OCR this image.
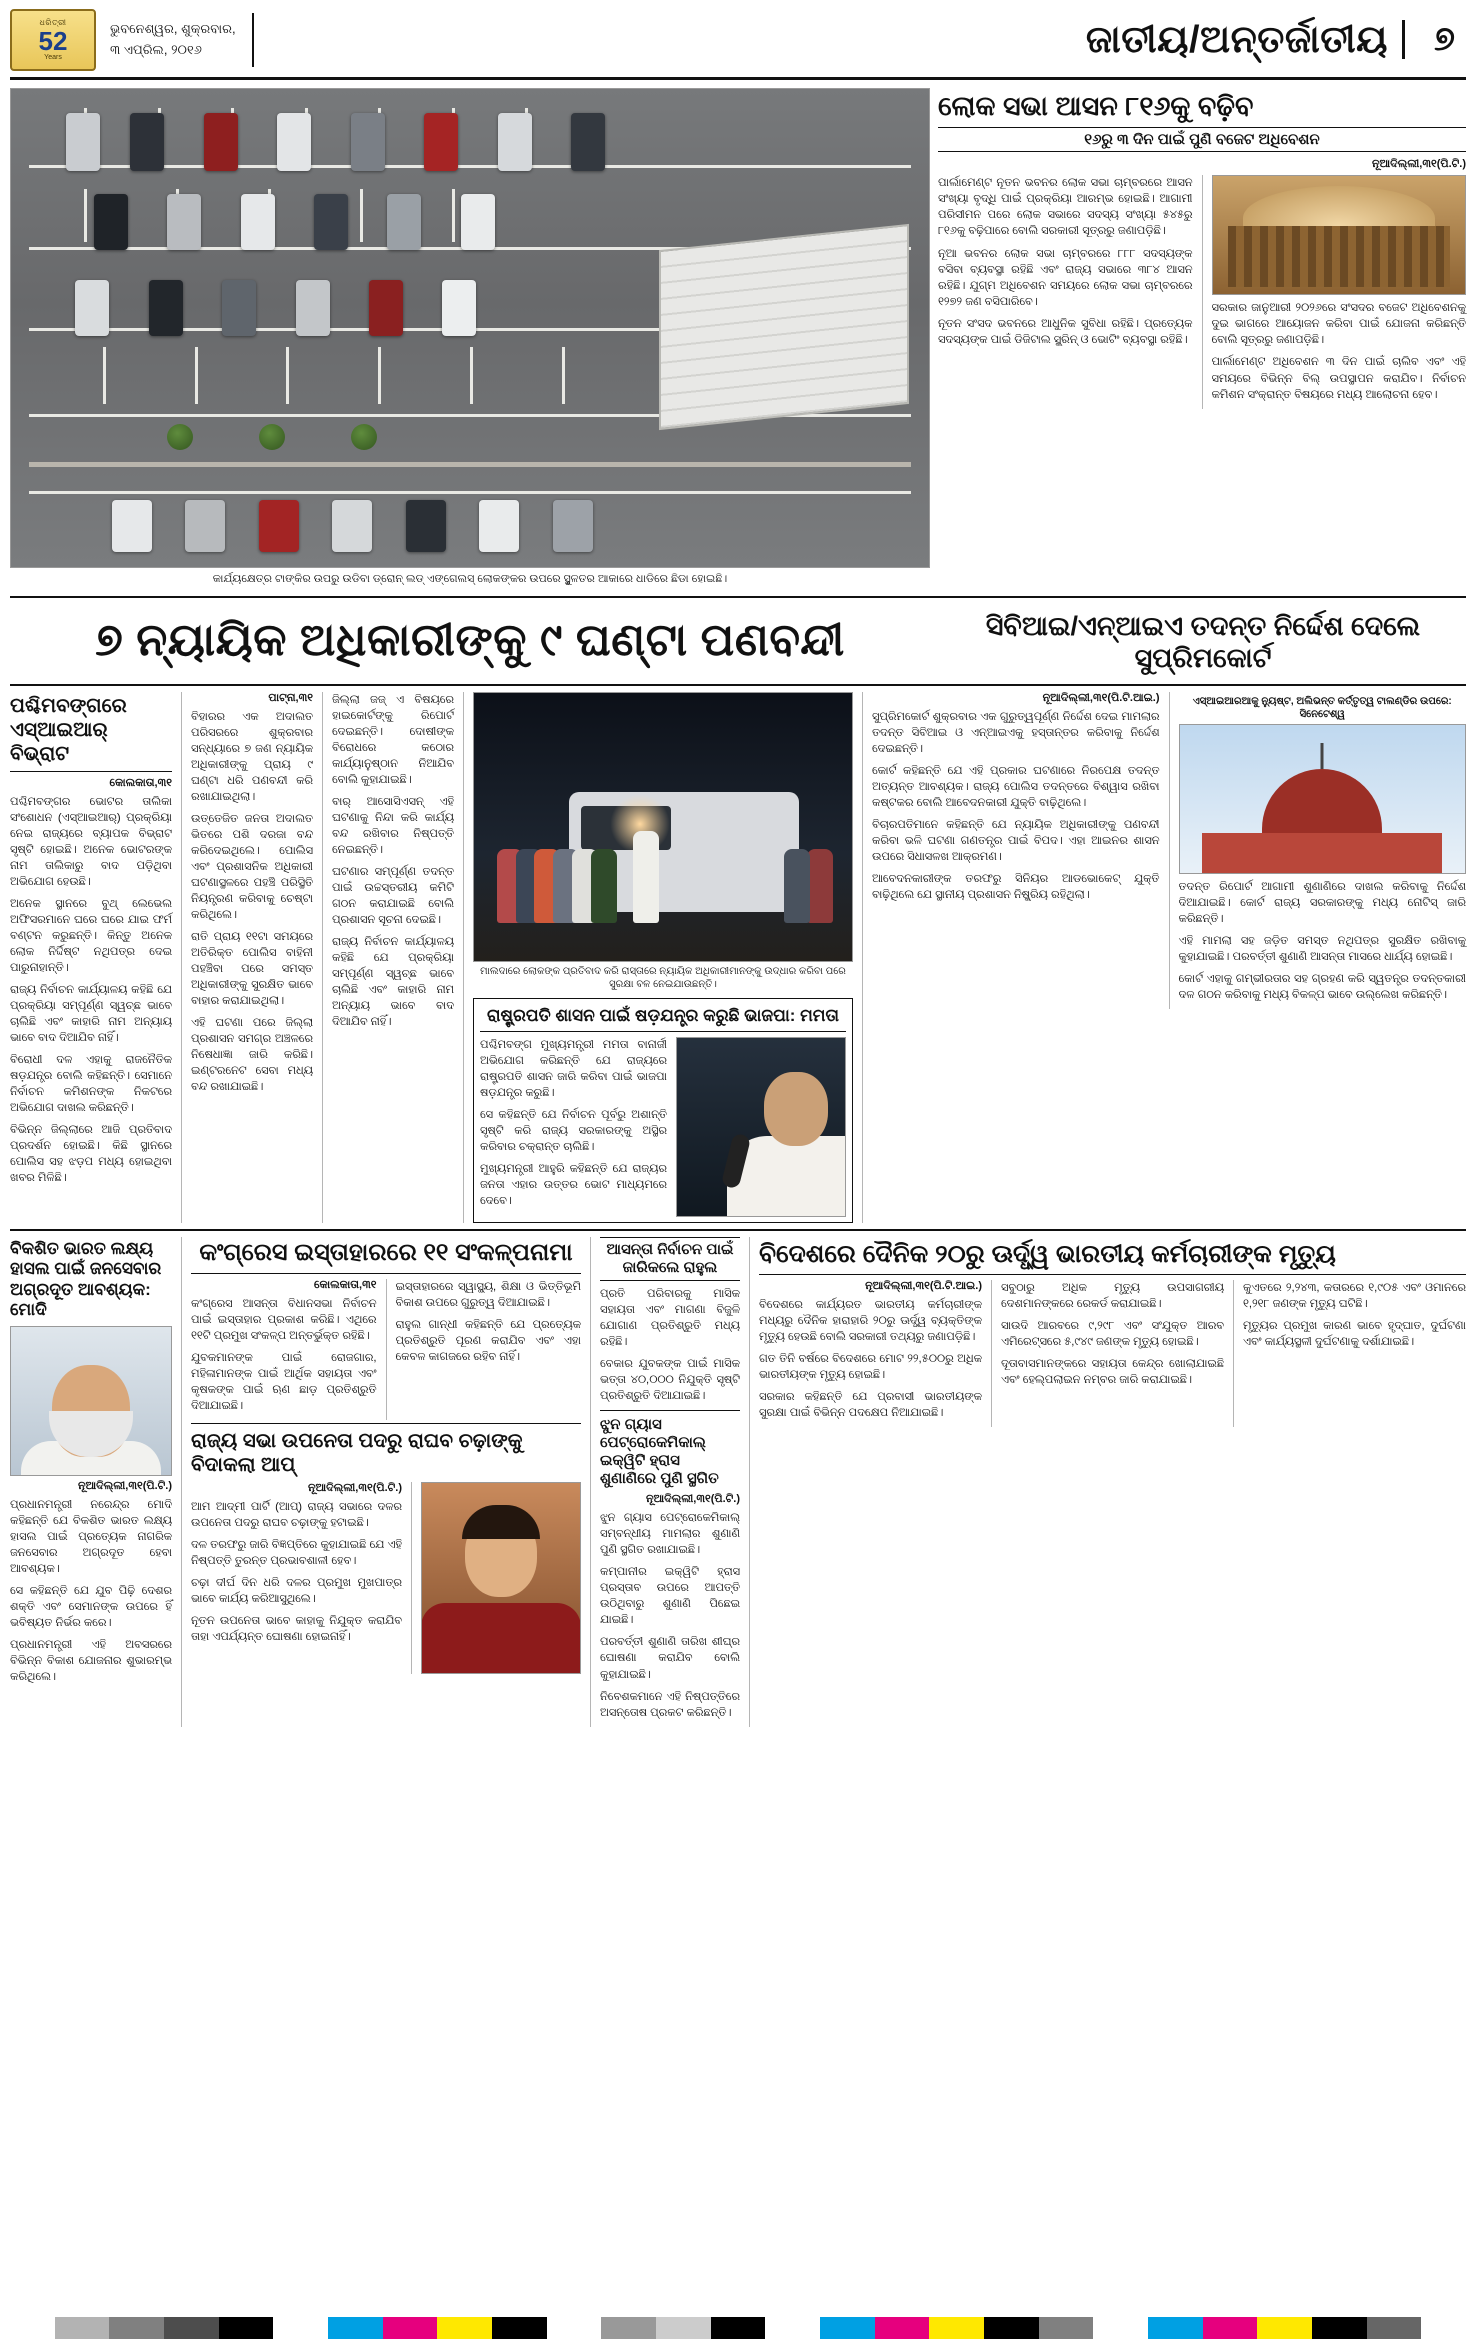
ଧରିତ୍ରୀ
52
Years
ଭୁବନେଶ୍ୱର, ଶୁକ୍ରବାର,
୩ ଏପ୍ରିଲ, ୨୦୧୬	ଜାତୀୟ/ଅନ୍ତର୍ଜାତୀୟ	୭
କାର୍ଯ୍ୟକ୍ଷେତ୍ର ଟାଙ୍କିର ଉପରୁ ଉଡିବା ଡ୍ରୋନ୍‌ ଲଡ୍‌ ଏଙ୍ଗେଲସ୍‌ ଲୋକଙ୍କର ଉପରେ ସ୍ଥୁଳତର ଆକାରେ ଧାଡିରେ ଛିଡା ହୋଇଛି।
ଲୋକ ସଭା ଆସନ ୮୧୬କୁ ବଢ଼ିବ
୧୬ରୁ ୩ ଦିନ ପାଇଁ ପୁଣି ବଜେଟ ଅଧିବେଶନ
ନୂଆଦିଲ୍ଲୀ,୩୧(ପି.ଟି.)

ପାର୍ଲାମେଣ୍ଟ ନୂତନ ଭବନର ଲୋକ ସଭା ଚାମ୍ବରରେ ଆସନ ସଂଖ୍ୟା ବୃଦ୍ଧି ପାଇଁ ପ୍ରକ୍ରିୟା ଆରମ୍ଭ ହୋଇଛି। ଆଗାମୀ ପରିସୀମନ ପରେ ଲୋକ ସଭାରେ ସଦସ୍ୟ ସଂଖ୍ୟା ୫୪୫ରୁ ୮୧୬କୁ ବଢ଼ିପାରେ ବୋଲି ସରକାରୀ ସୂତ୍ରରୁ ଜଣାପଡ଼ିଛି।

ନୂଆ ଭବନର ଲୋକ ସଭା ଚାମ୍ବରରେ ୮୮୮ ସଦସ୍ୟଙ୍କ ବସିବା ବ୍ୟବସ୍ଥା ରହିଛି ଏବଂ ରାଜ୍ୟ ସଭାରେ ୩୮୪ ଆସନ ରହିଛି। ଯୁଗ୍ମ ଅଧିବେଶନ ସମୟରେ ଲୋକ ସଭା ଚାମ୍ବରରେ ୧୨୭୨ ଜଣ ବସିପାରିବେ।

ନୂତନ ସଂସଦ ଭବନରେ ଆଧୁନିକ ସୁବିଧା ରହିଛି। ପ୍ରତ୍ୟେକ ସଦସ୍ୟଙ୍କ ପାଇଁ ଡିଜିଟାଲ ସ୍କ୍ରିନ୍‌ ଓ ଭୋଟିଂ ବ୍ୟବସ୍ଥା ରହିଛି।

ସରକାର ଜାନୁଆରୀ ୨୦୨୬ରେ ସଂସଦର ବଜେଟ ଅଧିବେଶନକୁ ଦୁଇ ଭାଗରେ ଆୟୋଜନ କରିବା ପାଇଁ ଯୋଜନା କରିଛନ୍ତି ବୋଲି ସୂତ୍ରରୁ ଜଣାପଡ଼ିଛି।

ପାର୍ଲାମେଣ୍ଟ ଅଧିବେଶନ ୩ ଦିନ ପାଇଁ ଚାଲିବ ଏବଂ ଏହି ସମୟରେ ବିଭିନ୍ନ ବିଲ୍‌ ଉପସ୍ଥାପନ କରାଯିବ। ନିର୍ବାଚନ କମିଶନ ସଂକ୍ରାନ୍ତ ବିଷୟରେ ମଧ୍ୟ ଆଲୋଚନା ହେବ।

୭ ନ୍ୟାୟିକ ଅଧିକାରୀଙ୍କୁ ୯ ଘଣ୍ଟା ପଣବନ୍ଦୀ	ସିବିଆଇ/ଏନ୍‌ଆଇଏ ତଦନ୍ତ ନିର୍ଦ୍ଦେଶ ଦେଲେ ସୁପ୍ରିମକୋର୍ଟ
ପଶ୍ଚିମବଙ୍ଗରେ ଏସ୍‌ଆଇଆର୍‌ ବିଭ୍ରାଟ
କୋଲକାତା,୩୧

ପଶ୍ଚିମବଙ୍ଗର ଭୋଟର ତାଲିକା ସଂଶୋଧନ (ଏସ୍‌ଆଇଆର୍‌) ପ୍ରକ୍ରିୟା ନେଇ ରାଜ୍ୟରେ ବ୍ୟାପକ ବିଭ୍ରାଟ ସୃଷ୍ଟି ହୋଇଛି। ଅନେକ ଭୋଟରଙ୍କ ନାମ ତାଲିକାରୁ ବାଦ ପଡ଼ିଥିବା ଅଭିଯୋଗ ହେଉଛି।

ଅନେକ ସ୍ଥାନରେ ବୁଥ୍‌ ଲେଭେଲ ଅଫିସରମାନେ ଘରେ ଘରେ ଯାଇ ଫର୍ମ ବଣ୍ଟନ କରୁଛନ୍ତି। କିନ୍ତୁ ଅନେକ ଲୋକ ନିର୍ଦ୍ଦିଷ୍ଟ ନଥିପତ୍ର ଦେଇ ପାରୁନାହାନ୍ତି।

ରାଜ୍ୟ ନିର୍ବାଚନ କାର୍ଯ୍ୟାଳୟ କହିଛି ଯେ ପ୍ରକ୍ରିୟା ସମ୍ପୂର୍ଣ୍ଣ ସ୍ୱଚ୍ଛ ଭାବେ ଚାଲିଛି ଏବଂ କାହାରି ନାମ ଅନ୍ୟାୟ ଭାବେ ବାଦ ଦିଆଯିବ ନାହିଁ।

ବିରୋଧୀ ଦଳ ଏହାକୁ ରାଜନୈତିକ ଷଡ଼ଯନ୍ତ୍ର ବୋଲି କହିଛନ୍ତି। ସେମାନେ ନିର୍ବାଚନ କମିଶନଙ୍କ ନିକଟରେ ଅଭିଯୋଗ ଦାଖଲ କରିଛନ୍ତି।

ବିଭିନ୍ନ ଜିଲ୍ଲାରେ ଆଜି ପ୍ରତିବାଦ ପ୍ରଦର୍ଶନ ହୋଇଛି। କିଛି ସ୍ଥାନରେ ପୋଲିସ ସହ ଝଡ଼ପ ମଧ୍ୟ ହୋଇଥିବା ଖବର ମିଳିଛି।

ପାଟ୍‌ନା,୩୧

ବିହାରର ଏକ ଅଦାଲତ ପରିସରରେ ଶୁକ୍ରବାର ସନ୍ଧ୍ୟାରେ ୭ ଜଣ ନ୍ୟାୟିକ ଅଧିକାରୀଙ୍କୁ ପ୍ରାୟ ୯ ଘଣ୍ଟା ଧରି ପଣବନ୍ଦୀ କରି ରଖାଯାଇଥିଲା।

ଉତ୍ତେଜିତ ଜନତା ଅଦାଲତ ଭିତରେ ପଶି ଦରଜା ବନ୍ଦ କରିଦେଇଥିଲେ। ପୋଲିସ ଏବଂ ପ୍ରଶାସନିକ ଅଧିକାରୀ ଘଟଣାସ୍ଥଳରେ ପହଞ୍ଚି ପରିସ୍ଥିତି ନିୟନ୍ତ୍ରଣ କରିବାକୁ ଚେଷ୍ଟା କରିଥିଲେ।

ରାତି ପ୍ରାୟ ୧୧ଟା ସମୟରେ ଅତିରିକ୍ତ ପୋଲିସ ବାହିନୀ ପହଞ୍ଚିବା ପରେ ସମସ୍ତ ଅଧିକାରୀଙ୍କୁ ସୁରକ୍ଷିତ ଭାବେ ବାହାର କରାଯାଇଥିଲା।

ଏହି ଘଟଣା ପରେ ଜିଲ୍ଲା ପ୍ରଶାସନ ସମଗ୍ର ଅଞ୍ଚଳରେ ନିଷେଧାଜ୍ଞା ଜାରି କରିଛି। ଇଣ୍ଟରନେଟ ସେବା ମଧ୍ୟ ବନ୍ଦ ରଖାଯାଇଛି।

ଜିଲ୍ଲା ଜଜ୍‌ ଏ ବିଷୟରେ ହାଇକୋର୍ଟଙ୍କୁ ରିପୋର୍ଟ ଦେଇଛନ୍ତି। ଦୋଷୀଙ୍କ ବିରୋଧରେ କଠୋର କାର୍ଯ୍ୟାନୁଷ୍ଠାନ ନିଆଯିବ ବୋଲି କୁହାଯାଇଛି।

ବାର୍‌ ଆସୋସିଏସନ୍‌ ଏହି ଘଟଣାକୁ ନିନ୍ଦା କରି କାର୍ଯ୍ୟ ବନ୍ଦ ରଖିବାର ନିଷ୍ପତ୍ତି ନେଇଛନ୍ତି।

ଘଟଣାର ସମ୍ପୂର୍ଣ୍ଣ ତଦନ୍ତ ପାଇଁ ଉଚ୍ଚସ୍ତରୀୟ କମିଟି ଗଠନ କରାଯାଇଛି ବୋଲି ପ୍ରଶାସନ ସୂଚନା ଦେଇଛି।

ରାଜ୍ୟ ନିର୍ବାଚନ କାର୍ଯ୍ୟାଳୟ କହିଛି ଯେ ପ୍ରକ୍ରିୟା ସମ୍ପୂର୍ଣ୍ଣ ସ୍ୱଚ୍ଛ ଭାବେ ଚାଲିଛି ଏବଂ କାହାରି ନାମ ଅନ୍ୟାୟ ଭାବେ ବାଦ ଦିଆଯିବ ନାହିଁ।

ମାଲଦାରେ ଲୋକଙ୍କ ପ୍ରତିବାଦ କରି ରାସ୍ତାରେ ନ୍ୟାୟିକ ଅଧିକାରୀମାନଙ୍କୁ ଉଦ୍ଧାର କରିବା ପରେ ସୁରକ୍ଷା ବଳ ନେଇଯାଉଛନ୍ତି।
ରାଷ୍ଟ୍ରପତି ଶାସନ ପାଇଁ ଷଡ଼ଯନ୍ତ୍ର କରୁଛି ଭାଜପା: ମମତା

ପଶ୍ଚିମବଙ୍ଗ ମୁଖ୍ୟମନ୍ତ୍ରୀ ମମତା ବାନାର୍ଜୀ ଅଭିଯୋଗ କରିଛନ୍ତି ଯେ ରାଜ୍ୟରେ ରାଷ୍ଟ୍ରପତି ଶାସନ ଜାରି କରିବା ପାଇଁ ଭାଜପା ଷଡ଼ଯନ୍ତ୍ର କରୁଛି।

ସେ କହିଛନ୍ତି ଯେ ନିର୍ବାଚନ ପୂର୍ବରୁ ଅଶାନ୍ତି ସୃଷ୍ଟି କରି ରାଜ୍ୟ ସରକାରଙ୍କୁ ଅସ୍ଥିର କରିବାର ଚକ୍ରାନ୍ତ ଚାଲିଛି।

ମୁଖ୍ୟମନ୍ତ୍ରୀ ଆହୁରି କହିଛନ୍ତି ଯେ ରାଜ୍ୟର ଜନତା ଏହାର ଉତ୍ତର ଭୋଟ ମାଧ୍ୟମରେ ଦେବେ।

ନୂଆଦିଲ୍ଲୀ,୩୧(ପି.ଟି.ଆଇ.)

ସୁପ୍ରିମକୋର୍ଟ ଶୁକ୍ରବାର ଏକ ଗୁରୁତ୍ୱପୂର୍ଣ୍ଣ ନିର୍ଦ୍ଦେଶ ଦେଇ ମାମଲାର ତଦନ୍ତ ସିବିଆଇ ଓ ଏନ୍‌ଆଇଏକୁ ହସ୍ତାନ୍ତର କରିବାକୁ ନିର୍ଦ୍ଦେଶ ଦେଇଛନ୍ତି।

କୋର୍ଟ କହିଛନ୍ତି ଯେ ଏହି ପ୍ରକାର ଘଟଣାରେ ନିରପେକ୍ଷ ତଦନ୍ତ ଅତ୍ୟନ୍ତ ଆବଶ୍ୟକ। ରାଜ୍ୟ ପୋଲିସ ତଦନ୍ତରେ ବିଶ୍ୱାସ ରଖିବା କଷ୍ଟକର ବୋଲି ଆବେଦନକାରୀ ଯୁକ୍ତି ବାଢ଼ିଥିଲେ।

ବିଚାରପତିମାନେ କହିଛନ୍ତି ଯେ ନ୍ୟାୟିକ ଅଧିକାରୀଙ୍କୁ ପଣବନ୍ଦୀ କରିବା ଭଳି ଘଟଣା ଗଣତନ୍ତ୍ର ପାଇଁ ବିପଦ। ଏହା ଆଇନର ଶାସନ ଉପରେ ସିଧାସଳଖ ଆକ୍ରମଣ।

ଆବେଦନକାରୀଙ୍କ ତରଫରୁ ସିନିୟର ଆଡଭୋକେଟ୍‌ ଯୁକ୍ତି ବାଢ଼ିଥିଲେ ଯେ ସ୍ଥାନୀୟ ପ୍ରଶାସନ ନିଷ୍କ୍ରିୟ ରହିଥିଲା।

ଏସ୍‌ଆଇଆରଆକୁ ନ୍ୟୁଷ୍ଟ, ଅଲିଭନ୍ତ କର୍ତ୍ତୃତ୍ୱ ଟାଲଣ୍ଡିର ଉପରେ: ସିନେଟେଶ୍ୱ

ତଦନ୍ତ ରିପୋର୍ଟ ଆଗାମୀ ଶୁଣାଣିରେ ଦାଖଲ କରିବାକୁ ନିର୍ଦ୍ଦେଶ ଦିଆଯାଇଛି। କୋର୍ଟ ରାଜ୍ୟ ସରକାରଙ୍କୁ ମଧ୍ୟ ନୋଟିସ୍‌ ଜାରି କରିଛନ୍ତି।

ଏହି ମାମଲା ସହ ଜଡ଼ିତ ସମସ୍ତ ନଥିପତ୍ର ସୁରକ୍ଷିତ ରଖିବାକୁ କୁହାଯାଇଛି। ପରବର୍ତ୍ତୀ ଶୁଣାଣି ଆସନ୍ତା ମାସରେ ଧାର୍ଯ୍ୟ ହୋଇଛି।

କୋର୍ଟ ଏହାକୁ ଗମ୍ଭୀରତାର ସହ ଗ୍ରହଣ କରି ସ୍ୱତନ୍ତ୍ର ତଦନ୍ତକାରୀ ଦଳ ଗଠନ କରିବାକୁ ମଧ୍ୟ ବିକଳ୍ପ ଭାବେ ଉଲ୍ଲେଖ କରିଛନ୍ତି।

ବିକଶିତ ଭାରତ ଲକ୍ଷ୍ୟ ହାସଲ ପାଇଁ ଜନସେବାର ଅଗ୍ରଦୂତ ଆବଶ୍ୟକ: ମୋଦି
ନୂଆଦିଲ୍ଲୀ,୩୧(ପି.ଟି.)

ପ୍ରଧାନମନ୍ତ୍ରୀ ନରେନ୍ଦ୍ର ମୋଦି କହିଛନ୍ତି ଯେ ବିକଶିତ ଭାରତ ଲକ୍ଷ୍ୟ ହାସଲ ପାଇଁ ପ୍ରତ୍ୟେକ ନାଗରିକ ଜନସେବାର ଅଗ୍ରଦୂତ ହେବା ଆବଶ୍ୟକ।

ସେ କହିଛନ୍ତି ଯେ ଯୁବ ପିଢ଼ି ଦେଶର ଶକ୍ତି ଏବଂ ସେମାନଙ୍କ ଉପରେ ହିଁ ଭବିଷ୍ୟତ ନିର୍ଭର କରେ।

ପ୍ରଧାନମନ୍ତ୍ରୀ ଏହି ଅବସରରେ ବିଭିନ୍ନ ବିକାଶ ଯୋଜନାର ଶୁଭାରମ୍ଭ କରିଥିଲେ।

କଂଗ୍ରେସ ଇସ୍ତାହାରରେ ୧୧ ସଂକଳ୍ପନାମା
କୋଲକାତା,୩୧

କଂଗ୍ରେସ ଆସନ୍ତା ବିଧାନସଭା ନିର୍ବାଚନ ପାଇଁ ଇସ୍ତାହାର ପ୍ରକାଶ କରିଛି। ଏଥିରେ ୧୧ଟି ପ୍ରମୁଖ ସଂକଳ୍ପ ଅନ୍ତର୍ଭୁକ୍ତ ରହିଛି।

ଯୁବକମାନଙ୍କ ପାଇଁ ରୋଜଗାର, ମହିଳାମାନଙ୍କ ପାଇଁ ଆର୍ଥିକ ସହାୟତା ଏବଂ କୃଷକଙ୍କ ପାଇଁ ଋଣ ଛାଡ଼ ପ୍ରତିଶ୍ରୁତି ଦିଆଯାଇଛି।

ଇସ୍ତାହାରରେ ସ୍ୱାସ୍ଥ୍ୟ, ଶିକ୍ଷା ଓ ଭିତ୍ତିଭୂମି ବିକାଶ ଉପରେ ଗୁରୁତ୍ୱ ଦିଆଯାଇଛି।

ରାହୁଲ ଗାନ୍ଧୀ କହିଛନ୍ତି ଯେ ପ୍ରତ୍ୟେକ ପ୍ରତିଶ୍ରୁତି ପୂରଣ କରାଯିବ ଏବଂ ଏହା କେବଳ କାଗଜରେ ରହିବ ନାହିଁ।

ରାଜ୍ୟ ସଭା ଉପନେତା ପଦରୁ ରାଘବ ଚଢ଼ାଙ୍କୁ ବିଦାକଲା ଆପ୍‌
ନୂଆଦିଲ୍ଲୀ,୩୧(ପି.ଟି.)

ଆମ ଆଦ୍ମୀ ପାର୍ଟି (ଆପ୍‌) ରାଜ୍ୟ ସଭାରେ ଦଳର ଉପନେତା ପଦରୁ ରାଘବ ଚଢ଼ାଙ୍କୁ ହଟାଇଛି।

ଦଳ ତରଫରୁ ଜାରି ବିଜ୍ଞପ୍ତିରେ କୁହାଯାଇଛି ଯେ ଏହି ନିଷ୍ପତ୍ତି ତୁରନ୍ତ ପ୍ରଭାବଶାଳୀ ହେବ।

ଚଢ଼ା ଦୀର୍ଘ ଦିନ ଧରି ଦଳର ପ୍ରମୁଖ ମୁଖପାତ୍ର ଭାବେ କାର୍ଯ୍ୟ କରିଆସୁଥିଲେ।

ନୂତନ ଉପନେତା ଭାବେ କାହାକୁ ନିଯୁକ୍ତ କରାଯିବ ତାହା ଏପର୍ଯ୍ୟନ୍ତ ଘୋଷଣା ହୋଇନାହିଁ।

ଆସନ୍ତା ନିର୍ବାଚନ ପାଇଁ ଜାରିକଲେ ରାହୁଲ

ପ୍ରତି ପରିବାରକୁ ମାସିକ ସହାୟତା ଏବଂ ମାଗଣା ବିଜୁଳି ଯୋଗାଣ ପ୍ରତିଶ୍ରୁତି ମଧ୍ୟ ରହିଛି।

ବେକାର ଯୁବକଙ୍କ ପାଇଁ ମାସିକ ଭତ୍ତା ୪୦,୦୦୦ ନିଯୁକ୍ତି ସୃଷ୍ଟି ପ୍ରତିଶ୍ରୁତି ଦିଆଯାଇଛି।

ଝୁନ ଗ୍ୟାସ ପେଟ୍ରୋକେମିକାଲ୍‌ ଇକ୍ୱିଟି ହ୍ରାସ ଶୁଣାଣିରେ ପୁଣି ସ୍ଥଗିତ
ନୂଆଦିଲ୍ଲୀ,୩୧(ପି.ଟି.)

ଝୁନ ଗ୍ୟାସ ପେଟ୍ରୋକେମିକାଲ୍‌ ସମ୍ବନ୍ଧୀୟ ମାମଲାର ଶୁଣାଣି ପୁଣି ସ୍ଥଗିତ ରଖାଯାଇଛି।

କମ୍ପାନୀର ଇକ୍ୱିଟି ହ୍ରାସ ପ୍ରସ୍ତାବ ଉପରେ ଆପତ୍ତି ଉଠିଥିବାରୁ ଶୁଣାଣି ପିଛେଇ ଯାଇଛି।

ପରବର୍ତ୍ତୀ ଶୁଣାଣି ତାରିଖ ଶୀଘ୍ର ଘୋଷଣା କରାଯିବ ବୋଲି କୁହାଯାଇଛି।

ନିବେଶକମାନେ ଏହି ନିଷ୍ପତ୍ତିରେ ଅସନ୍ତୋଷ ପ୍ରକଟ କରିଛନ୍ତି।

ବିଦେଶରେ ଦୈନିକ ୨୦ରୁ ଊର୍ଦ୍ଧ୍ୱ ଭାରତୀୟ କର୍ମଚାରୀଙ୍କ ମୃତ୍ୟୁ
ନୂଆଦିଲ୍ଲୀ,୩୧(ପି.ଟି.ଆଇ.)

ବିଦେଶରେ କାର୍ଯ୍ୟରତ ଭାରତୀୟ କର୍ମଚାରୀଙ୍କ ମଧ୍ୟରୁ ଦୈନିକ ହାରାହାରି ୨୦ରୁ ଊର୍ଦ୍ଧ୍ୱ ବ୍ୟକ୍ତିଙ୍କ ମୃତ୍ୟୁ ହେଉଛି ବୋଲି ସରକାରୀ ତଥ୍ୟରୁ ଜଣାପଡ଼ିଛି।

ଗତ ତିନି ବର୍ଷରେ ବିଦେଶରେ ମୋଟ ୨୨,୫୦୦ରୁ ଅଧିକ ଭାରତୀୟଙ୍କ ମୃତ୍ୟୁ ହୋଇଛି।

ସରକାର କହିଛନ୍ତି ଯେ ପ୍ରବାସୀ ଭାରତୀୟଙ୍କ ସୁରକ୍ଷା ପାଇଁ ବିଭିନ୍ନ ପଦକ୍ଷେପ ନିଆଯାଇଛି।

ସବୁଠାରୁ ଅଧିକ ମୃତ୍ୟୁ ଉପସାଗରୀୟ ଦେଶମାନଙ୍କରେ ରେକର୍ଡ କରାଯାଇଛି।

ସାଉଦି ଆରବରେ ୯,୨୯୮ ଏବଂ ସଂଯୁକ୍ତ ଆରବ ଏମିରେଟ୍‌ସରେ ୫,୯୪୯ ଜଣଙ୍କ ମୃତ୍ୟୁ ହୋଇଛି।

ଦୂତାବାସମାନଙ୍କରେ ସହାୟତା କେନ୍ଦ୍ର ଖୋଲାଯାଇଛି ଏବଂ ହେଲ୍ପଲାଇନ ନମ୍ବର ଜାରି କରାଯାଇଛି।

କୁଏତରେ ୨,୨୪୩, କତାରରେ ୧,୯୦୫ ଏବଂ ଓମାନରେ ୧,୨୧୮ ଜଣଙ୍କ ମୃତ୍ୟୁ ଘଟିଛି।

ମୃତ୍ୟୁର ପ୍ରମୁଖ କାରଣ ଭାବେ ହୃଦ୍‌ଘାତ, ଦୁର୍ଘଟଣା ଏବଂ କାର୍ଯ୍ୟସ୍ଥଳୀ ଦୁର୍ଘଟଣାକୁ ଦର୍ଶାଯାଇଛି।
